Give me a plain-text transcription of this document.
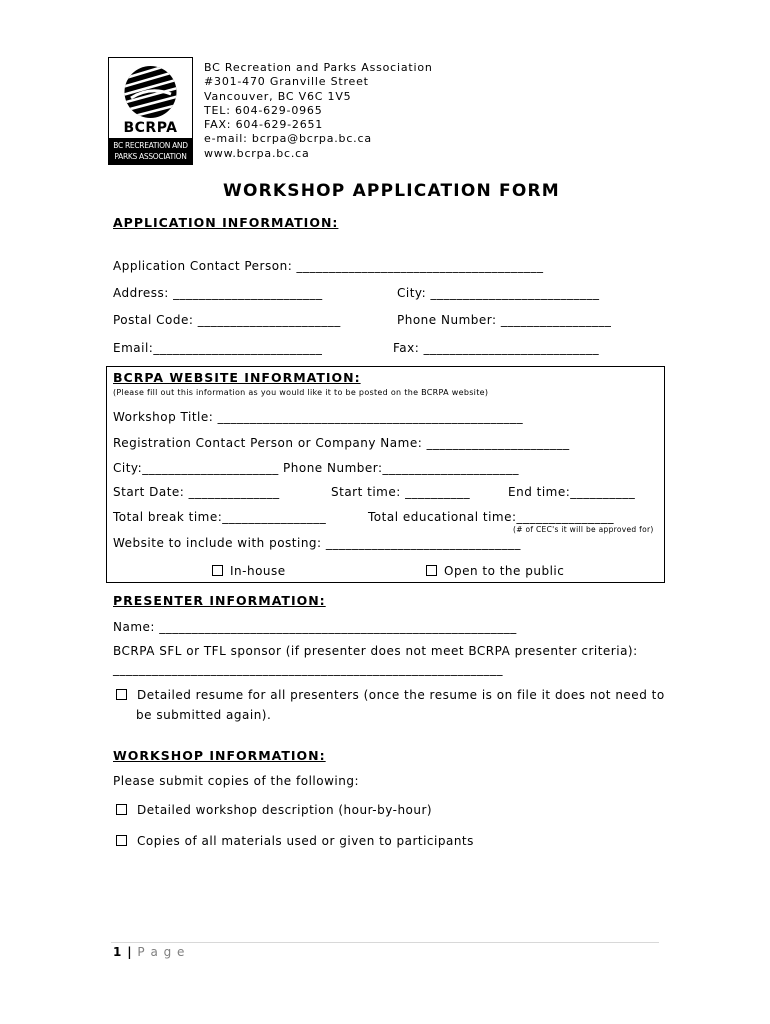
BCRPA
BC RECREATION AND
PARKS ASSOCIATION
BC Recreation and Parks Association
#301-470 Granville Street
Vancouver, BC V6C 1V5
TEL: 604-629-0965
FAX: 604-629-2651
e-mail: bcrpa@bcrpa.bc.ca
www.bcrpa.bc.ca
WORKSHOP APPLICATION FORM
APPLICATION INFORMATION:
Application Contact Person: ______________________________________
Address: _______________________	City: __________________________
Postal Code: ______________________	Phone Number: _________________
Email:__________________________	Fax: ___________________________
BCRPA WEBSITE INFORMATION:
(Please fill out this information as you would like it to be posted on the BCRPA website)
Workshop Title: _______________________________________________
Registration Contact Person or Company Name: ______________________
City:_____________________ Phone Number:_____________________
Start Date: ______________	Start time: __________	End time:__________
Total break time:________________	Total educational time:_______________
(# of CEC's it will be approved for)
Website to include with posting: ______________________________
In-house	Open to the public
PRESENTER INFORMATION:
Name: _______________________________________________________
BCRPA SFL or TFL sponsor (if presenter does not meet BCRPA presenter criteria):
____________________________________________________________
Detailed resume for all presenters (once the resume is on file it does not need to
be submitted again).
WORKSHOP INFORMATION:
Please submit copies of the following:
Detailed workshop description (hour-by-hour)
Copies of all materials used or given to participants
1 | P a g e
